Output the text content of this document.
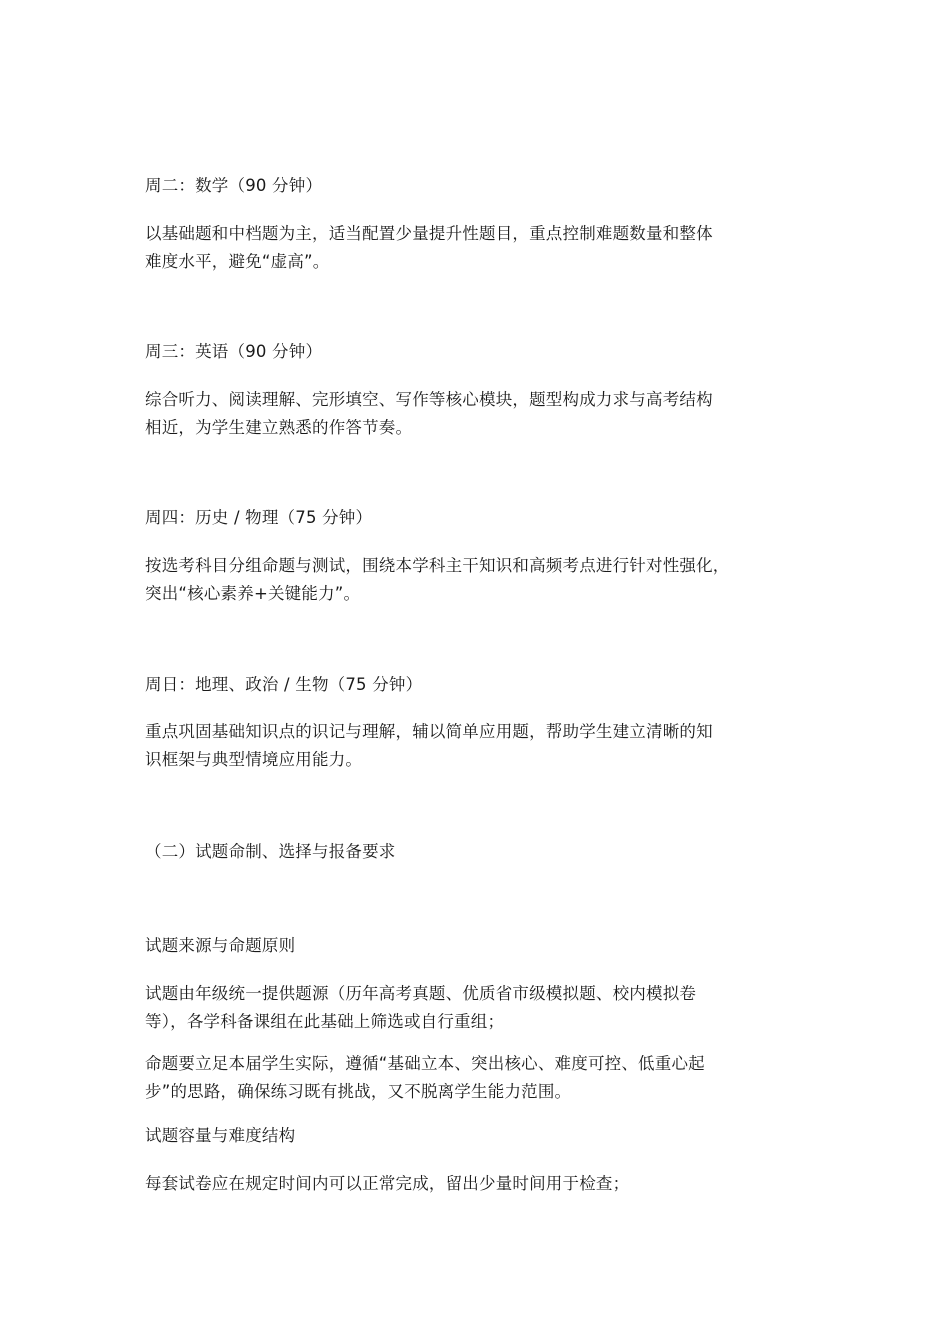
周二：数学（90 分钟）
以基础题和中档题为主，适当配置少量提升性题目，重点控制难题数量和整体
难度水平，避免“虚高”。
周三：英语（90 分钟）
综合听力、阅读理解、完形填空、写作等核心模块，题型构成力求与高考结构
相近，为学生建立熟悉的作答节奏。
周四：历史 / 物理（75 分钟）
按选考科目分组命题与测试，围绕本学科主干知识和高频考点进行针对性强化，
突出“核心素养+关键能力”。
周日：地理、政治 / 生物（75 分钟）
重点巩固基础知识点的识记与理解，辅以简单应用题，帮助学生建立清晰的知
识框架与典型情境应用能力。
（二）试题命制、选择与报备要求
试题来源与命题原则
试题由年级统一提供题源（历年高考真题、优质省市级模拟题、校内模拟卷
等），各学科备课组在此基础上筛选或自行重组；
命题要立足本届学生实际，遵循“基础立本、突出核心、难度可控、低重心起
步”的思路，确保练习既有挑战，又不脱离学生能力范围。
试题容量与难度结构
每套试卷应在规定时间内可以正常完成，留出少量时间用于检查；
